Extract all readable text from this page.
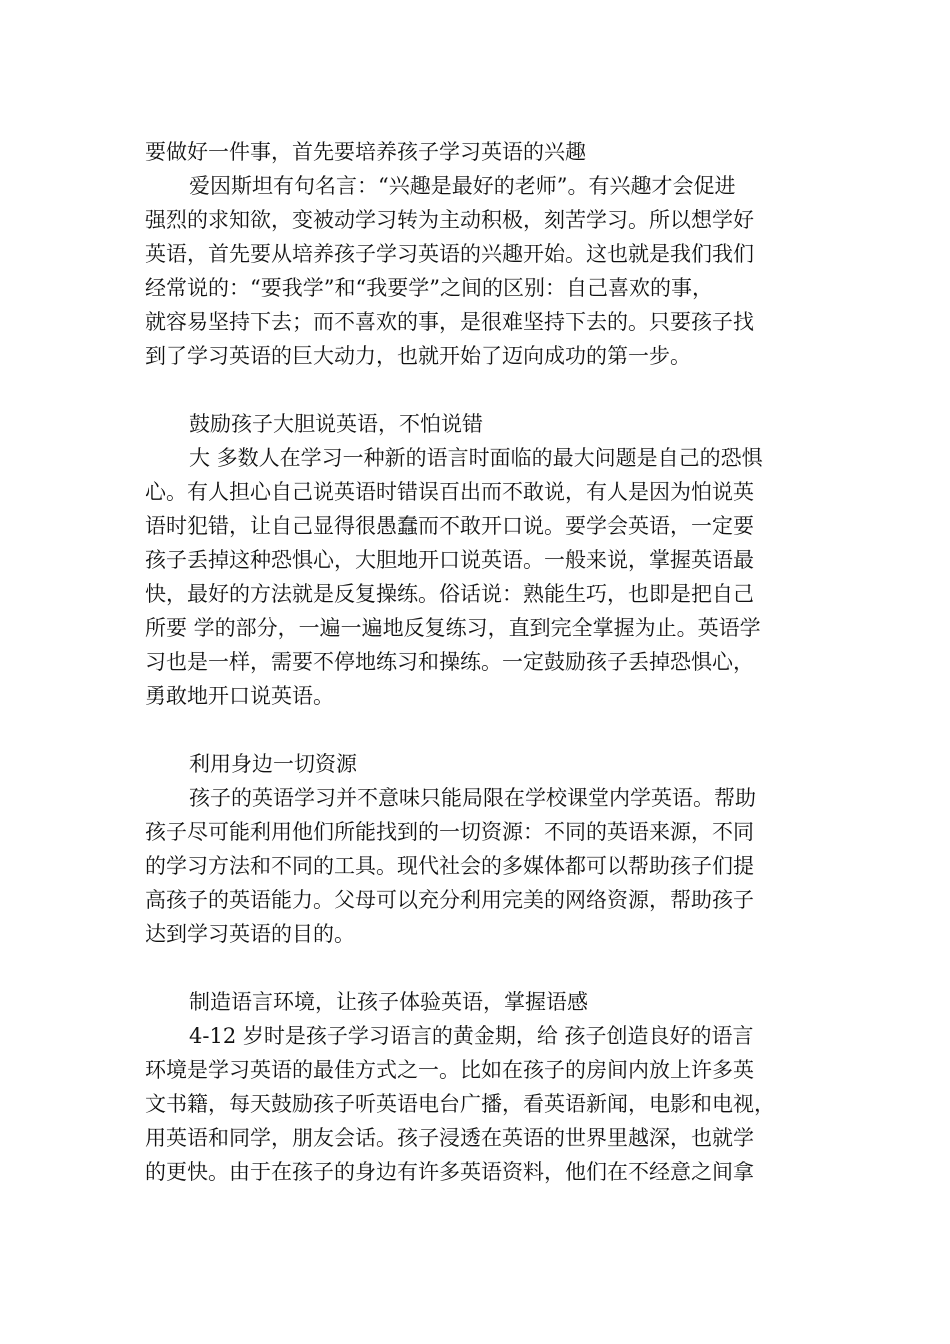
要做好一件事，首先要培养孩子学习英语的兴趣
爱因斯坦有句名言：“兴趣是最好的老师”。有兴趣才会促进
强烈的求知欲，变被动学习转为主动积极，刻苦学习。所以想学好
英语，首先要从培养孩子学习英语的兴趣开始。这也就是我们我们
经常说的：“要我学”和“我要学”之间的区别：自己喜欢的事，
就容易坚持下去；而不喜欢的事，是很难坚持下去的。只要孩子找
到了学习英语的巨大动力，也就开始了迈向成功的第一步。
鼓励孩子大胆说英语，不怕说错
大 多数人在学习一种新的语言时面临的最大问题是自己的恐惧
心。有人担心自己说英语时错误百出而不敢说，有人是因为怕说英
语时犯错，让自己显得很愚蠢而不敢开口说。要学会英语，一定要
孩子丢掉这种恐惧心，大胆地开口说英语。一般来说，掌握英语最
快，最好的方法就是反复操练。俗话说：熟能生巧，也即是把自己
所要 学的部分，一遍一遍地反复练习，直到完全掌握为止。英语学
习也是一样，需要不停地练习和操练。一定鼓励孩子丢掉恐惧心，
勇敢地开口说英语。
利用身边一切资源
孩子的英语学习并不意味只能局限在学校课堂内学英语。帮助
孩子尽可能利用他们所能找到的一切资源：不同的英语来源，不同
的学习方法和不同的工具。现代社会的多媒体都可以帮助孩子们提
高孩子的英语能力。父母可以充分利用完美的网络资源，帮助孩子
达到学习英语的目的。
制造语言环境，让孩子体验英语，掌握语感
4-12 岁时是孩子学习语言的黄金期，给 孩子创造良好的语言
环境是学习英语的最佳方式之一。比如在孩子的房间内放上许多英
文书籍，每天鼓励孩子听英语电台广播，看英语新闻，电影和电视，
用英语和同学，朋友会话。孩子浸透在英语的世界里越深，也就学
的更快。由于在孩子的身边有许多英语资料，他们在不经意之间拿
